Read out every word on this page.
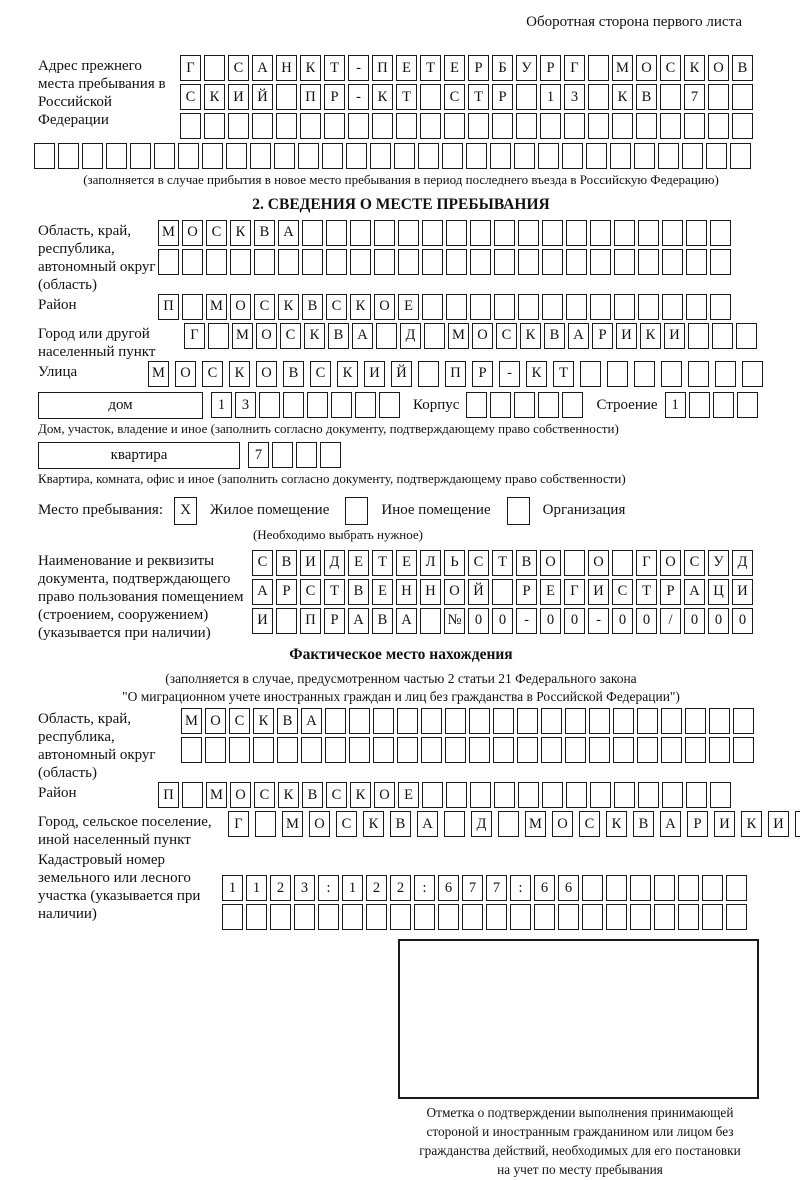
Оборотная сторона первого листа
Адрес прежнего места пребывания в Российской Федерации
Г	С А Н К	Т	-	П Е	Т	Е	Р	Б	У	Р	Г	М О С К О В
С К И Й	П	Р	-	К	Т	С	Т	Р	1	3	К В	7
(заполняется в случае прибытия в новое место пребывания в период последнего въезда в Российскую Федерацию)
2. СВЕДЕНИЯ О МЕСТЕ ПРЕБЫВАНИЯ
Область, край, республика, автономный округ (область)
М О С К В А
Район	П	М О С К В С К О Е
Город или другой населенный пункт
Г	М О С К В А	Д	М О С К В А	Р	И К И
Улица	М	О	С	К	О	В	С	К	И	Й	П	Р	-	К	Т
дом	1	3	Корпус	Строение 1
Дом, участок, владение и иное (заполнить согласно документу, подтверждающему право собственности)
квартира	7
Квартира, комната, офис и иное (заполнить согласно документу, подтверждающему право собственности)
Место пребывания:	X	Жилое помещение	Иное помещение	Организация
(Необходимо выбрать нужное)
Наименование и реквизиты документа, подтверждающего право пользования помещением (строением, сооружением) (указывается при наличии)
С В И Д	Е	Т	Е	Л	Ь	С	Т	В О	О	Г	О С У Д
А	Р	С	Т	В	Е Н Н О Й	Р	Е	Г	И С	Т	Р	А Ц И
И	П	Р	А В А	№ 0	0	-	0	0	-	0	0	/	0	0	0
Фактическое место нахождения
(заполняется в случае, предусмотренном частью 2 статьи 21 Федерального закона
"О миграционном учете иностранных граждан и лиц без гражданства в Российской Федерации")
Область, край, республика, автономный округ (область)
М О С К В А
Район	П	М О С К В С К О Е
Город, сельское поселение, иной населенный пункт
Г	М	О	С	К	В	А	Д	М	О	С	К	В	А	Р	И	К	И
Кадастровый номер земельного или лесного участка (указывается при наличии)
1	1	2	3	:	1	2	2	:	6	7	7	:	6	6
Отметка о подтверждении выполнения принимающей
стороной и иностранным гражданином или лицом без
гражданства действий, необходимых для его постановки
на учет по месту пребывания
